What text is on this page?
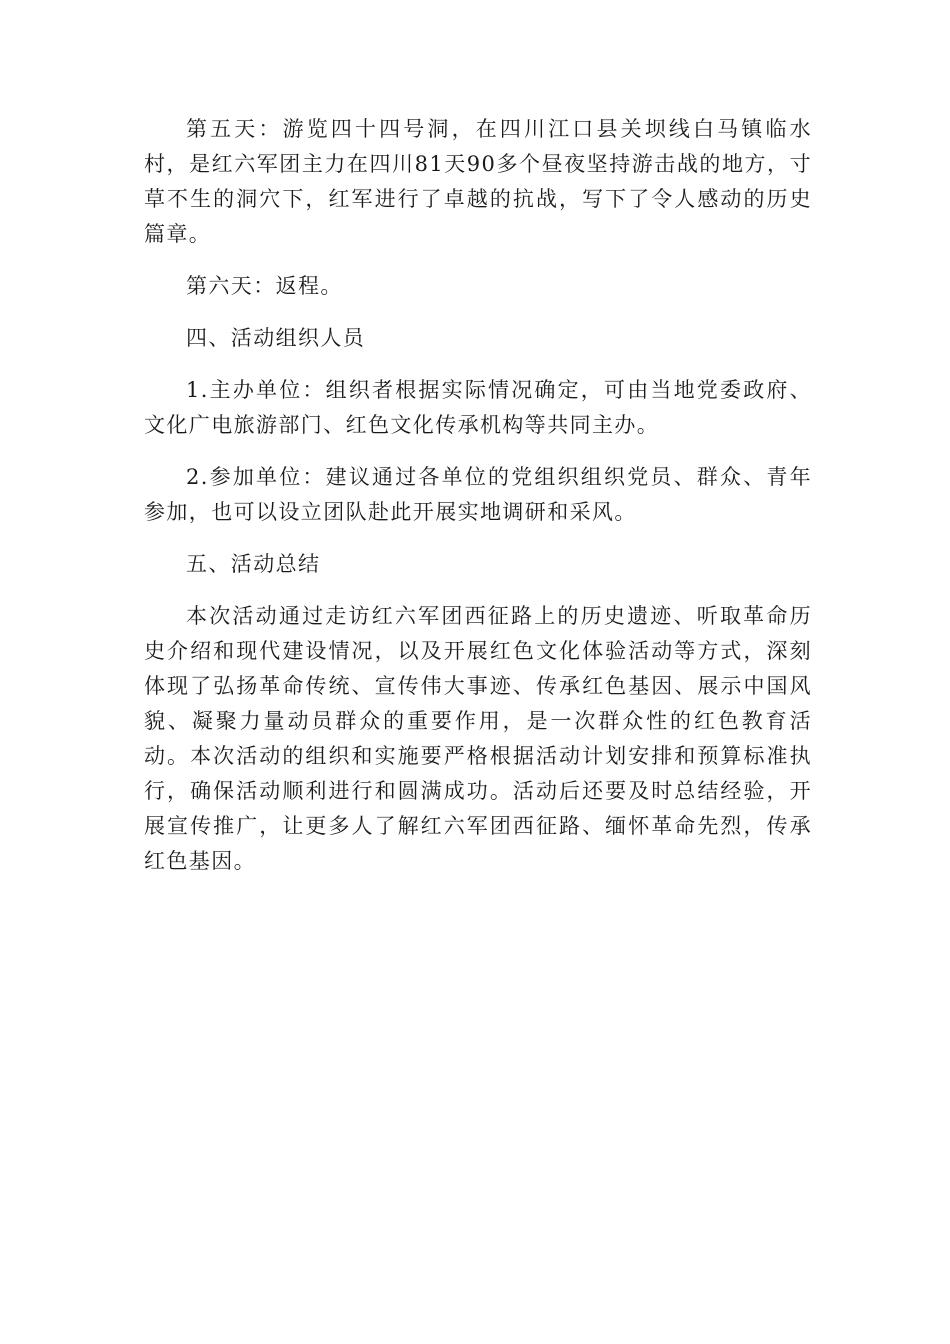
第五天：游览四十四号洞，在四川江口县关坝线白马镇临水村，是红六军团主力在四川81天90多个昼夜坚持游击战的地方，寸草不生的洞穴下，红军进行了卓越的抗战，写下了令人感动的历史篇章。

第六天：返程。

四、活动组织人员

1.主办单位：组织者根据实际情况确定，可由当地党委政府、文化广电旅游部门、红色文化传承机构等共同主办。

2.参加单位：建议通过各单位的党组织组织党员、群众、青年参加，也可以设立团队赴此开展实地调研和采风。

五、活动总结

本次活动通过走访红六军团西征路上的历史遗迹、听取革命历史介绍和现代建设情况，以及开展红色文化体验活动等方式，深刻体现了弘扬革命传统、宣传伟大事迹、传承红色基因、展示中国风貌、凝聚力量动员群众的重要作用，是一次群众性的红色教育活动。本次活动的组织和实施要严格根据活动计划安排和预算标准执行，确保活动顺利进行和圆满成功。活动后还要及时总结经验，开展宣传推广，让更多人了解红六军团西征路、缅怀革命先烈，传承红色基因。
